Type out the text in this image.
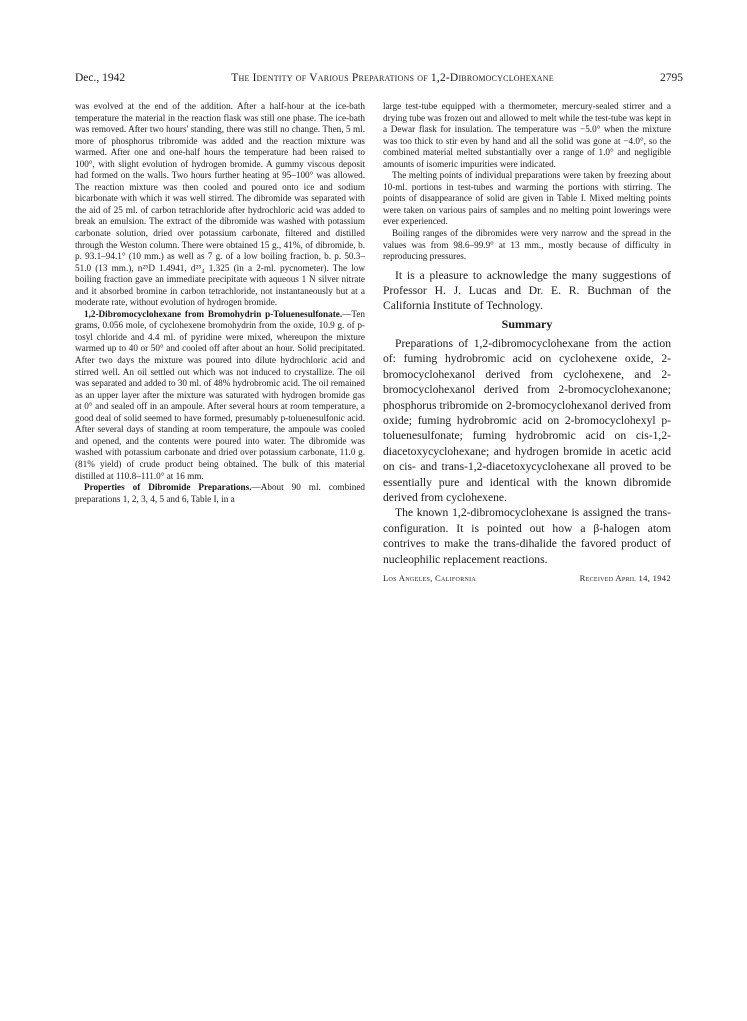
Dec., 1942	The Identity of Various Preparations of 1,2-Dibromocyclohexane	2795

was evolved at the end of the addition. After a half-hour at the ice-bath temperature the material in the reaction flask was still one phase. The ice-bath was removed. After two hours' standing, there was still no change. Then, 5 ml. more of phosphorus tribromide was added and the reaction mixture was warmed. After one and one-half hours the temperature had been raised to 100°, with slight evolution of hydrogen bromide. A gummy viscous deposit had formed on the walls. Two hours further heating at 95–100° was allowed. The reaction mixture was then cooled and poured onto ice and sodium bicarbonate with which it was well stirred. The dibromide was separated with the aid of 25 ml. of carbon tetrachloride after hydrochloric acid was added to break an emulsion. The extract of the dibromide was washed with potassium carbonate solution, dried over potassium carbonate, filtered and distilled through the Weston column. There were obtained 15 g., 41%, of dibromide, b. p. 93.1–94.1° (10 mm.) as well as 7 g. of a low boiling fraction, b. p. 50.3–51.0 (13 mm.), n²⁵D 1.4941, d²⁵₄ 1.325 (in a 2-ml. pycnometer). The low boiling fraction gave an immediate precipitate with aqueous 1 N silver nitrate and it absorbed bromine in carbon tetrachloride, not instantaneously but at a moderate rate, without evolution of hydrogen bromide.

1,2-Dibromocyclohexane from Bromohydrin p-Toluenesulfonate.—Ten grams, 0.056 mole, of cyclohexene bromohydrin from the oxide, 10.9 g. of p-tosyl chloride and 4.4 ml. of pyridine were mixed, whereupon the mixture warmed up to 40 or 50° and cooled off after about an hour. Solid precipitated. After two days the mixture was poured into dilute hydrochloric acid and stirred well. An oil settled out which was not induced to crystallize. The oil was separated and added to 30 ml. of 48% hydrobromic acid. The oil remained as an upper layer after the mixture was saturated with hydrogen bromide gas at 0° and sealed off in an ampoule. After several hours at room temperature, a good deal of solid seemed to have formed, presumably p-toluenesulfonic acid. After several days of standing at room temperature, the ampoule was cooled and opened, and the contents were poured into water. The dibromide was washed with potassium carbonate and dried over potassium carbonate, 11.0 g. (81% yield) of crude product being obtained. The bulk of this material distilled at 110.8–111.0° at 16 mm.

Properties of Dibromide Preparations.—About 90 ml. combined preparations 1, 2, 3, 4, 5 and 6, Table I, in a

large test-tube equipped with a thermometer, mercury-sealed stirrer and a drying tube was frozen out and allowed to melt while the test-tube was kept in a Dewar flask for insulation. The temperature was −5.0° when the mixture was too thick to stir even by hand and all the solid was gone at −4.0°, so the combined material melted substantially over a range of 1.0° and negligible amounts of isomeric impurities were indicated.

The melting points of individual preparations were taken by freezing about 10-ml. portions in test-tubes and warming the portions with stirring. The points of disappearance of solid are given in Table I. Mixed melting points were taken on various pairs of samples and no melting point lowerings were ever experienced.

Boiling ranges of the dibromides were very narrow and the spread in the values was from 98.6–99.9° at 13 mm., mostly because of difficulty in reproducing pressures.

It is a pleasure to acknowledge the many suggestions of Professor H. J. Lucas and Dr. E. R. Buchman of the California Institute of Technology.

Summary

Preparations of 1,2-dibromocyclohexane from the action of: fuming hydrobromic acid on cyclohexene oxide, 2-bromocyclohexanol derived from cyclohexene, and 2-bromocyclohexanol derived from 2-bromocyclohexanone; phosphorus tribromide on 2-bromocyclohexanol derived from oxide; fuming hydrobromic acid on 2-bromocyclohexyl p-toluenesulfonate; fuming hydrobromic acid on cis-1,2-diacetoxycyclohexane; and hydrogen bromide in acetic acid on cis- and trans-1,2-diacetoxycyclohexane all proved to be essentially pure and identical with the known dibromide derived from cyclohexene.

The known 1,2-dibromocyclohexane is assigned the trans-configuration. It is pointed out how a β-halogen atom contrives to make the trans-dihalide the favored product of nucleophilic replacement reactions.

Los Angeles, California	Received April 14, 1942
